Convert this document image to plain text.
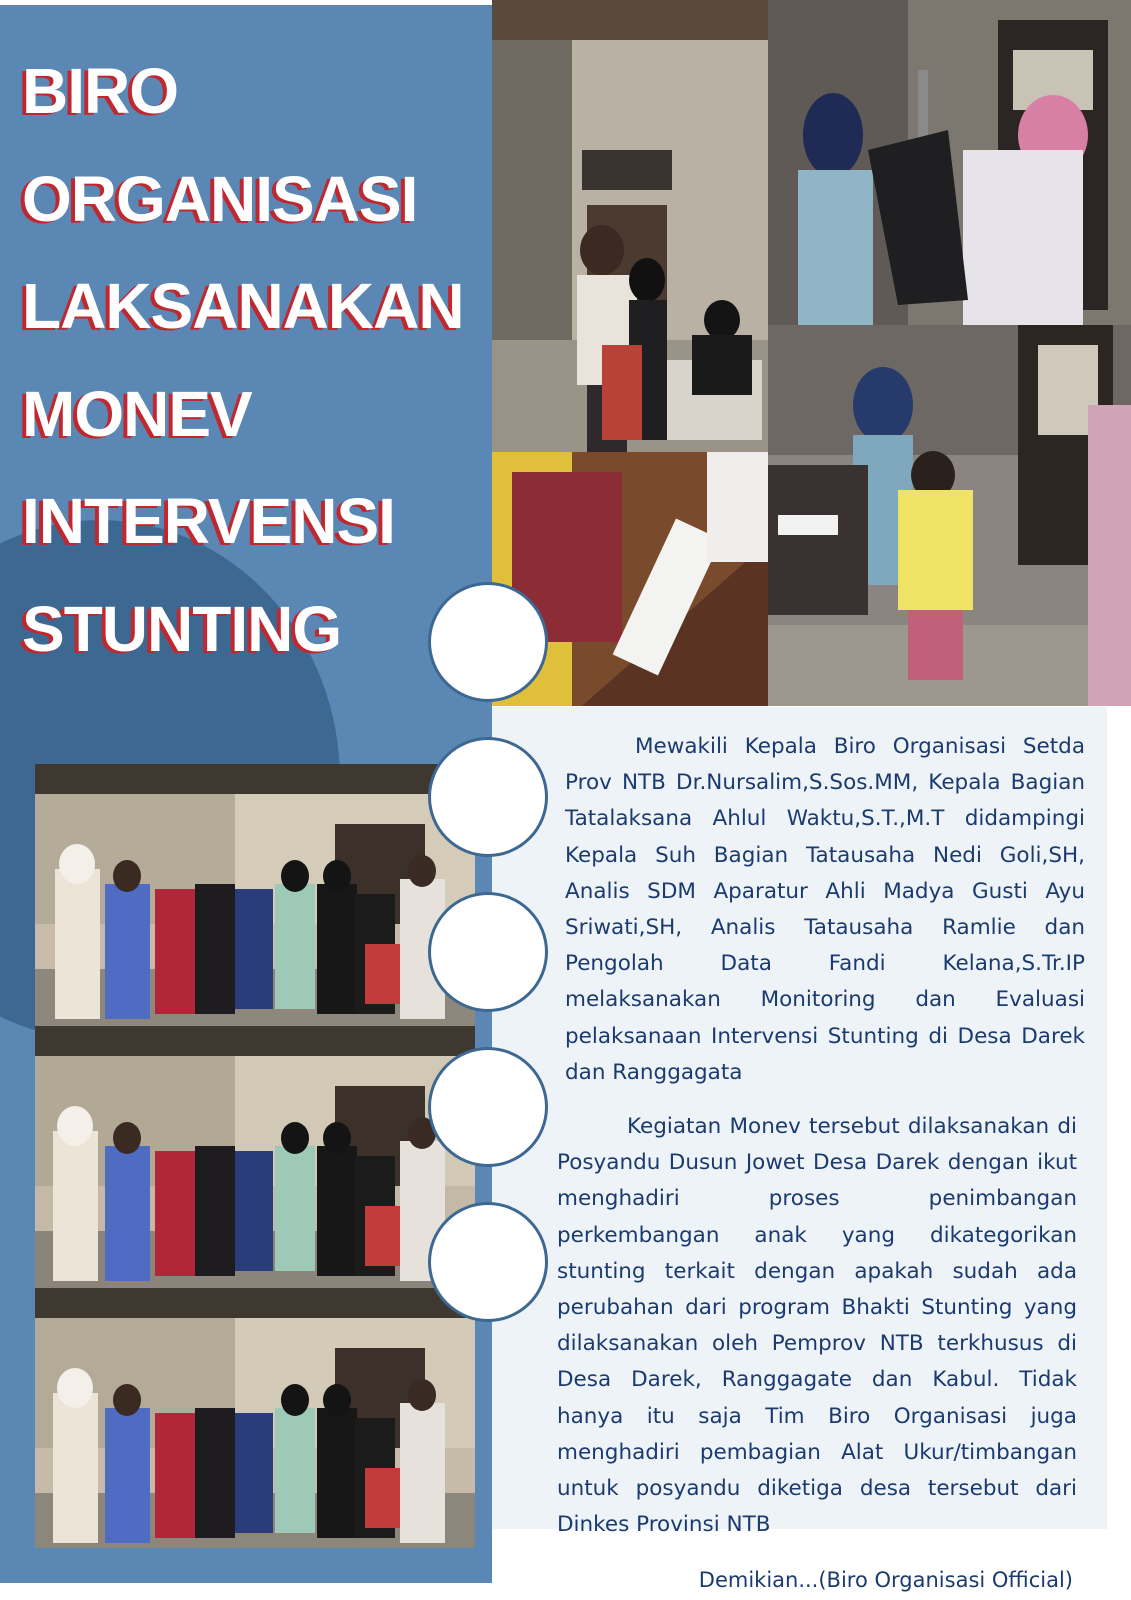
BIRO
ORGANISASI
LAKSANAKAN
MONEV
INTERVENSI
STUNTING

Mewakili Kepala Biro Organisasi Setda Prov NTB Dr.Nursalim,S.Sos.MM, Kepala Bagian Tatalaksana Ahlul Waktu,S.T.,M.T didampingi Kepala Suh Bagian Tatausaha Nedi Goli,SH, Analis SDM Aparatur Ahli Madya Gusti Ayu Sriwati,SH, Analis Tatausaha Ramlie dan Pengolah Data Fandi Kelana,S.Tr.IP melaksanakan Monitoring dan Evaluasi pelaksanaan Intervensi Stunting di Desa Darek dan Ranggagata

Kegiatan Monev tersebut dilaksanakan di Posyandu Dusun Jowet Desa Darek dengan ikut menghadiri proses penimbangan perkembangan anak yang dikategorikan stunting terkait dengan apakah sudah ada perubahan dari program Bhakti Stunting yang dilaksanakan oleh Pemprov NTB terkhusus di Desa Darek, Ranggagate dan Kabul. Tidak hanya itu saja Tim Biro Organisasi juga menghadiri pembagian Alat Ukur/timbangan untuk posyandu diketiga desa tersebut dari Dinkes Provinsi NTB

Demikian...(Biro Organisasi Official)
